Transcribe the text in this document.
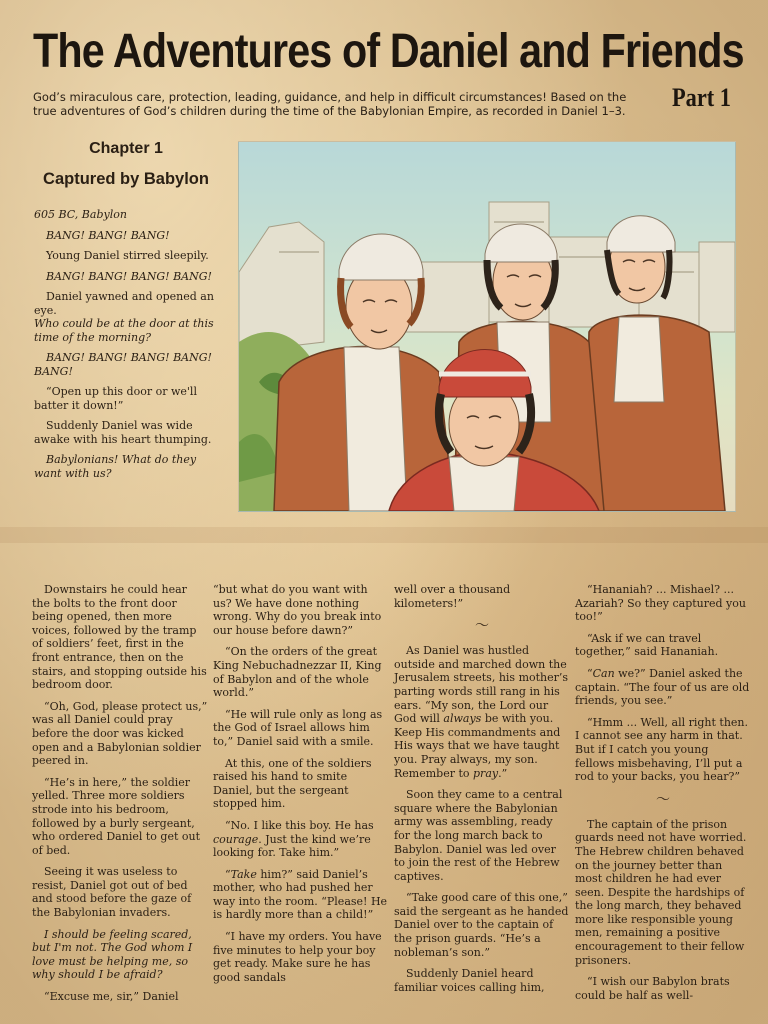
The Adventures of Daniel and Friends
God’s miraculous care, protection, leading, guidance, and help in difficult circumstances! Based on the true adventures of God’s children during the time of the Babylonian Empire, as recorded in Daniel 1–3.	Part 1
Chapter 1
Captured by Babylon

605 BC, Babylon

BANG! BANG! BANG!

Young Daniel stirred sleepily.

BANG! BANG! BANG! BANG!

Daniel yawned and opened an eye.

Who could be at the door at this time of the morning?

BANG! BANG! BANG! BANG! BANG!

“Open up this door or we'll batter it down!”

Suddenly Daniel was wide awake with his heart thumping.

Babylonians! What do they want with us?

Downstairs he could hear the bolts to the front door being opened, then more voices, followed by the tramp of soldiers’ feet, first in the front entrance, then on the stairs, and stopping outside his bedroom door.

“Oh, God, please protect us,” was all Daniel could pray before the door was kicked open and a Babylonian soldier peered in.

“He’s in here,” the soldier yelled. Three more soldiers strode into his bedroom, followed by a burly sergeant, who ordered Daniel to get out of bed.

Seeing it was useless to resist, Daniel got out of bed and stood before the gaze of the Babylonian invaders.

I should be feeling scared, but I'm not. The God whom I love must be helping me, so why should I be afraid?

“Excuse me, sir,” Daniel

“but what do you want with us? We have done nothing wrong. Why do you break into our house before dawn?”

“On the orders of the great King Nebuchadnezzar II, King of Babylon and of the whole world.”

“He will rule only as long as the God of Israel allows him to,” Daniel said with a smile.

At this, one of the soldiers raised his hand to smite Daniel, but the sergeant stopped him.

“No. I like this boy. He has courage. Just the kind we’re looking for. Take him.”

“Take him?” said Daniel’s mother, who had pushed her way into the room. “Please! He is hardly more than a child!”

“I have my orders. You have five minutes to help your boy get ready. Make sure he has good sandals

well over a thousand kilometers!”

〜

As Daniel was hustled outside and marched down the Jerusalem streets, his mother’s parting words still rang in his ears. “My son, the Lord our God will always be with you. Keep His commandments and His ways that we have taught you. Pray always, my son. Remember to pray.”

Soon they came to a central square where the Babylonian army was assembling, ready for the long march back to Babylon. Daniel was led over to join the rest of the Hebrew captives.

“Take good care of this one,” said the sergeant as he handed Daniel over to the captain of the prison guards. “He’s a nobleman’s son.”

Suddenly Daniel heard familiar voices calling him,

“Hananiah? ... Mishael? ... Azariah? So they captured you too!”

“Ask if we can travel together,” said Hananiah.

“Can we?” Daniel asked the captain. “The four of us are old friends, you see.”

“Hmm ... Well, all right then. I cannot see any harm in that. But if I catch you young fellows misbehaving, I’ll put a rod to your backs, you hear?”

〜

The captain of the prison guards need not have worried. The Hebrew children behaved on the journey better than most children he had ever seen. Despite the hardships of the long march, they behaved more like responsible young men, remaining a positive encouragement to their fellow prisoners.

“I wish our Babylon brats could be half as well-
